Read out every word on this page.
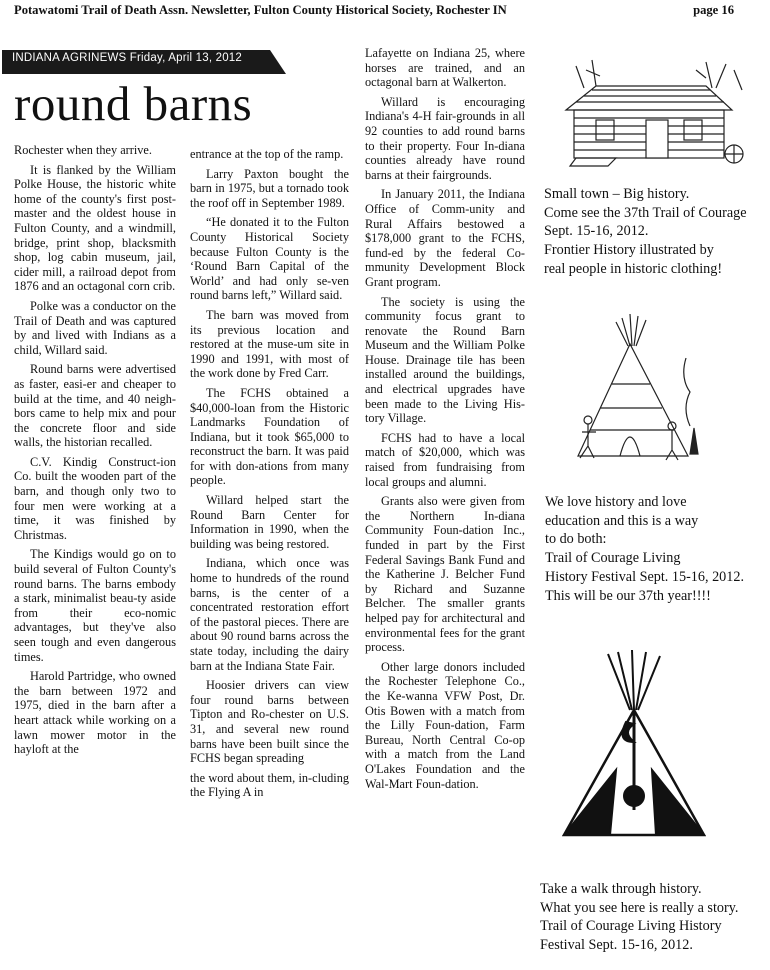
Potawatomi Trail of Death Assn. Newsletter, Fulton County Historical Society, Rochester IN	page 16
INDIANA AGRINEWS Friday, April 13, 2012
round barns

Rochester when they arrive.

It is flanked by the William Polke House, the historic white home of the county's first post-master and the oldest house in Fulton County, and a windmill, bridge, print shop, blacksmith shop, log cabin museum, jail, cider mill, a railroad depot from 1876 and an octagonal corn crib.

Polke was a conductor on the Trail of Death and was captured by and lived with Indians as a child, Willard said.

Round barns were advertised as faster, easi-er and cheaper to build at the time, and 40 neigh-bors came to help mix and pour the concrete floor and side walls, the historian recalled.

C.V. Kindig Construct-ion Co. built the wooden part of the barn, and though only two to four men were working at a time, it was finished by Christmas.

The Kindigs would go on to build several of Fulton County's round barns. The barns embody a stark, minimalist beau-ty aside from their eco-nomic advantages, but they've also seen tough and even dangerous times.

Harold Partridge, who owned the barn between 1972 and 1975, died in the barn after a heart attack while working on a lawn mower motor in the hayloft at the

entrance at the top of the ramp.

Larry Paxton bought the barn in 1975, but a tornado took the roof off in September 1989.

“He donated it to the Fulton County Historical Society because Fulton County is the ‘Round Barn Capital of the World’ and had only se-ven round barns left,” Willard said.

The barn was moved from its previous location and restored at the muse-um site in 1990 and 1991, with most of the work done by Fred Carr.

The FCHS obtained a $40,000-loan from the Historic Landmarks Foundation of Indiana, but it took $65,000 to reconstruct the barn. It was paid for with don-ations from many people.

Willard helped start the Round Barn Center for Information in 1990, when the building was being restored.

Indiana, which once was home to hundreds of the round barns, is the center of a concentrated restoration effort of the pastoral pieces. There are about 90 round barns across the state today, including the dairy barn at the Indiana State Fair.

Hoosier drivers can view four round barns between Tipton and Ro-chester on U.S. 31, and several new round barns have been built since the FCHS began spreading

the word about them, in-cluding the Flying A in

Lafayette on Indiana 25, where horses are trained, and an octagonal barn at Walkerton.

Willard is encouraging Indiana's 4-H fair-grounds in all 92 counties to add round barns to their property. Four In-diana counties already have round barns at their fairgrounds.

In January 2011, the Indiana Office of Comm-unity and Rural Affairs bestowed a $178,000 grant to the FCHS, fund-ed by the federal Co-mmunity Development Block Grant program.

The society is using the community focus grant to renovate the Round Barn Museum and the William Polke House. Drainage tile has been installed around the buildings, and electrical upgrades have been made to the Living His-tory Village.

FCHS had to have a local match of $20,000, which was raised from fundraising from local groups and alumni.

Grants also were given from the Northern In-diana Community Foun-dation Inc., funded in part by the First Federal Savings Bank Fund and the Katherine J. Belcher Fund by Richard and Suzanne Belcher. The smaller grants helped pay for architectural and environmental fees for the grant process.

Other large donors included the Rochester Telephone Co., the Ke-wanna VFW Post, Dr. Otis Bowen with a match from the Lilly Foun-dation, Farm Bureau, North Central Co-op with a match from the Land O'Lakes Foundation and the Wal-Mart Foun-dation.

Small town – Big history.
Come see the 37th Trail of Courage
Sept. 15-16, 2012.
Frontier History illustrated by
real people in historic clothing!
We love history and love
education and this is a way
to do both:
Trail of Courage Living
History Festival Sept. 15-16, 2012.
This will be our 37th year!!!!
Take a walk through history.
What you see here is really a story.
Trail of Courage Living History
Festival Sept. 15-16, 2012.
